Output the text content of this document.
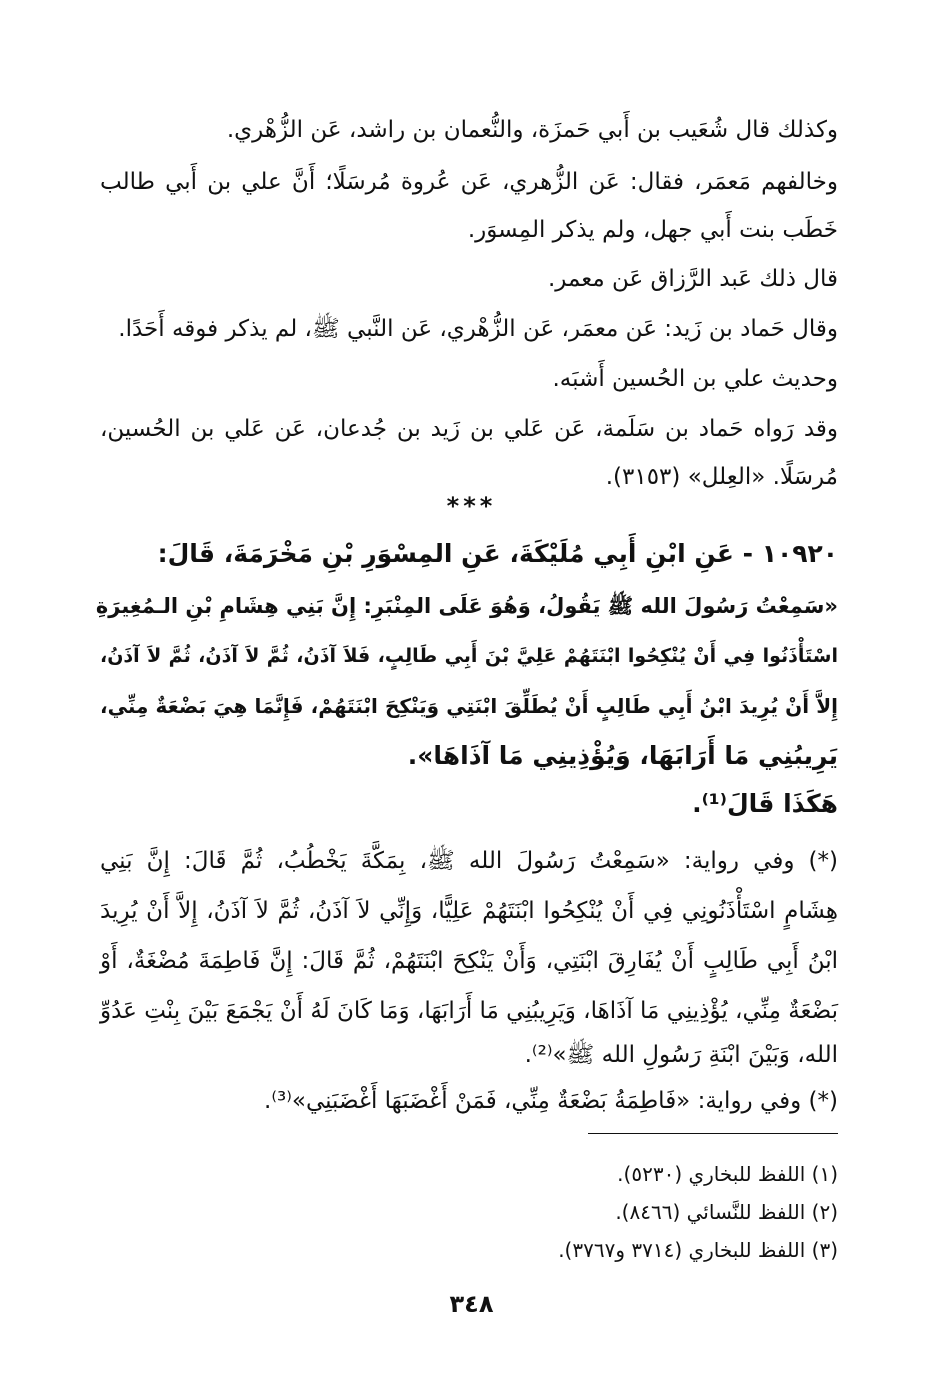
وكذلك قال شُعَيب بن أَبي حَمزَة، والنُّعمان بن راشد، عَن الزُّهْري.
وخالفهم مَعمَر، فقال: عَن الزُّهري، عَن عُروة مُرسَلًا؛ أَنَّ علي بن أَبي طالب
خَطَب بنت أَبي جهل، ولم يذكر المِسوَر.
قال ذلك عَبد الرَّزاق عَن معمر.
وقال حَماد بن زَيد: عَن معمَر، عَن الزُّهْري، عَن النَّبي ﷺ، لم يذكر فوقه أَحَدًا.
وحديث علي بن الحُسين أَشبَه.
وقد رَواه حَماد بن سَلَمة، عَن عَلي بن زَيد بن جُدعان، عَن عَلي بن الحُسين،
مُرسَلًا. «العِلل» (٣١٥٣).
***
١٠٩٢٠ - عَنِ ابْنِ أَبِي مُلَيْكَةَ، عَنِ المِسْوَرِ بْنِ مَخْرَمَةَ، قَالَ:
«سَمِعْتُ رَسُولَ الله ﷺ يَقُولُ، وَهُوَ عَلَى المِنْبَرِ: إِنَّ بَنِي هِشَامِ بْنِ الـمُغِيرَةِ
اسْتَأْذَنُوا فِي أَنْ يُنْكِحُوا ابْنَتَهُمْ عَلِيَّ بْنَ أَبِي طَالِبٍ، فَلاَ آذَنُ، ثُمَّ لاَ آذَنُ، ثُمَّ لاَ آذَنُ،
إِلاَّ أَنْ يُرِيدَ ابْنُ أَبِي طَالِبٍ أَنْ يُطَلِّقَ ابْنَتِي وَيَنْكِحَ ابْنَتَهُمْ، فَإِنَّمَا هِيَ بَضْعَةٌ مِنِّي،
يَرِيبُنِي مَا أَرَابَهَا، وَيُؤْذِينِي مَا آذَاهَا».
هَكَذَا قَالَ⁽¹⁾.
(*) وفي رواية: «سَمِعْتُ رَسُولَ الله ﷺ، بِمَكَّةَ يَخْطُبُ، ثُمَّ قَالَ: إِنَّ بَنِي
هِشَامٍ اسْتَأْذَنُونِي فِي أَنْ يُنْكِحُوا ابْنَتَهُمْ عَلِيًّا، وَإِنِّي لاَ آذَنُ، ثُمَّ لاَ آذَنُ، إِلاَّ أَنْ يُرِيدَ
ابْنُ أَبِي طَالِبٍ أَنْ يُفَارِقَ ابْنَتِي، وَأَنْ يَنْكِحَ ابْنَتَهُمْ، ثُمَّ قَالَ: إِنَّ فَاطِمَةَ مُضْغَةٌ، أَوْ
بَضْعَةٌ مِنِّي، يُؤْذِينِي مَا آذَاهَا، وَيَرِيبُنِي مَا أَرَابَهَا، وَمَا كَانَ لَهُ أَنْ يَجْمَعَ بَيْنَ بِنْتِ عَدُوِّ
الله، وَبَيْنَ ابْنَةِ رَسُولِ الله ﷺ»⁽²⁾.
(*) وفي رواية: «فَاطِمَةُ بَضْعَةٌ مِنِّي، فَمَنْ أَغْضَبَهَا أَغْضَبَنِي»⁽³⁾.
(١) اللفظ للبخاري (٥٢٣٠).
(٢) اللفظ للنَّسائي (٨٤٦٦).
(٣) اللفظ للبخاري (٣٧١٤ و٣٧٦٧).
٣٤٨
